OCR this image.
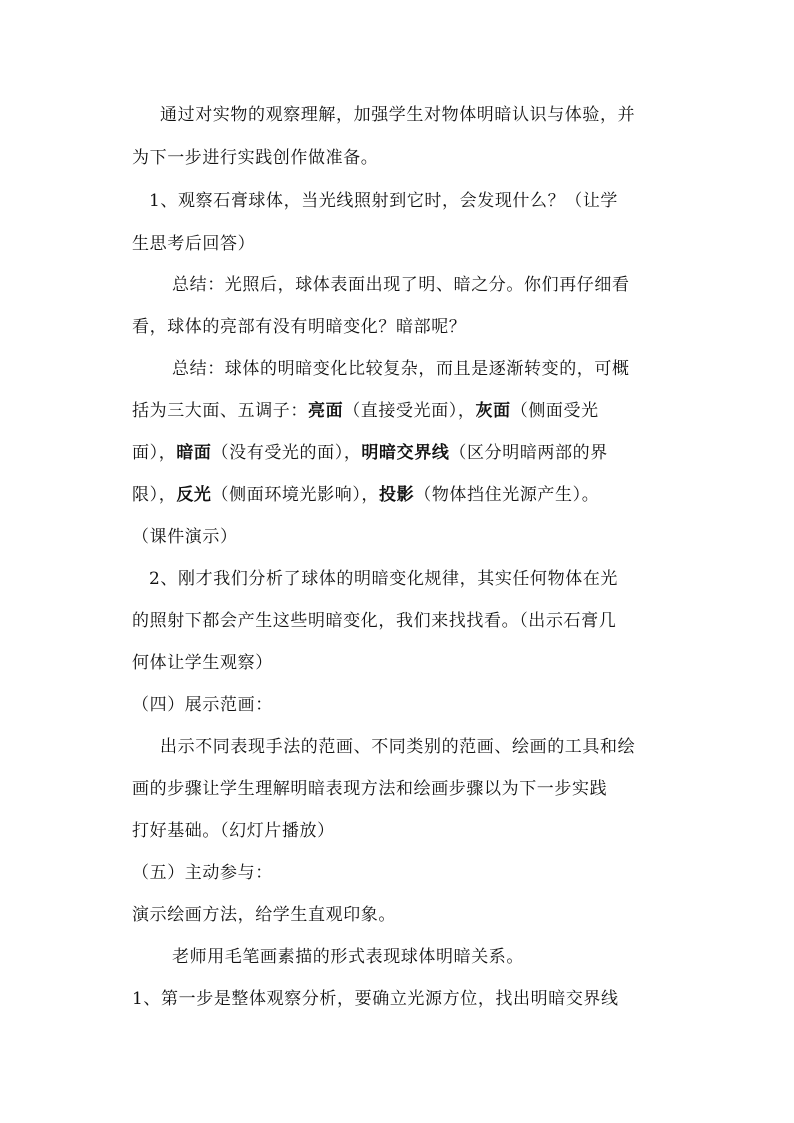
通过对实物的观察理解，加强学生对物体明暗认识与体验，并
为下一步进行实践创作做准备。
1、观察石膏球体，当光线照射到它时，会发现什么？（让学
生思考后回答）
总结：光照后，球体表面出现了明、暗之分。你们再仔细看
看，球体的亮部有没有明暗变化？暗部呢？
总结：球体的明暗变化比较复杂，而且是逐渐转变的，可概
括为三大面、五调子：亮面（直接受光面），灰面（侧面受光
面），暗面（没有受光的面），明暗交界线（区分明暗两部的界
限），反光（侧面环境光影响），投影（物体挡住光源产生）。
（课件演示）
2、刚才我们分析了球体的明暗变化规律，其实任何物体在光
的照射下都会产生这些明暗变化，我们来找找看。（出示石膏几
何体让学生观察）
（四）展示范画：
出示不同表现手法的范画、不同类别的范画、绘画的工具和绘
画的步骤让学生理解明暗表现方法和绘画步骤以为下一步实践
打好基础。（幻灯片播放）
（五）主动参与：
演示绘画方法，给学生直观印象。
老师用毛笔画素描的形式表现球体明暗关系。
1、第一步是整体观察分析，要确立光源方位，找出明暗交界线
